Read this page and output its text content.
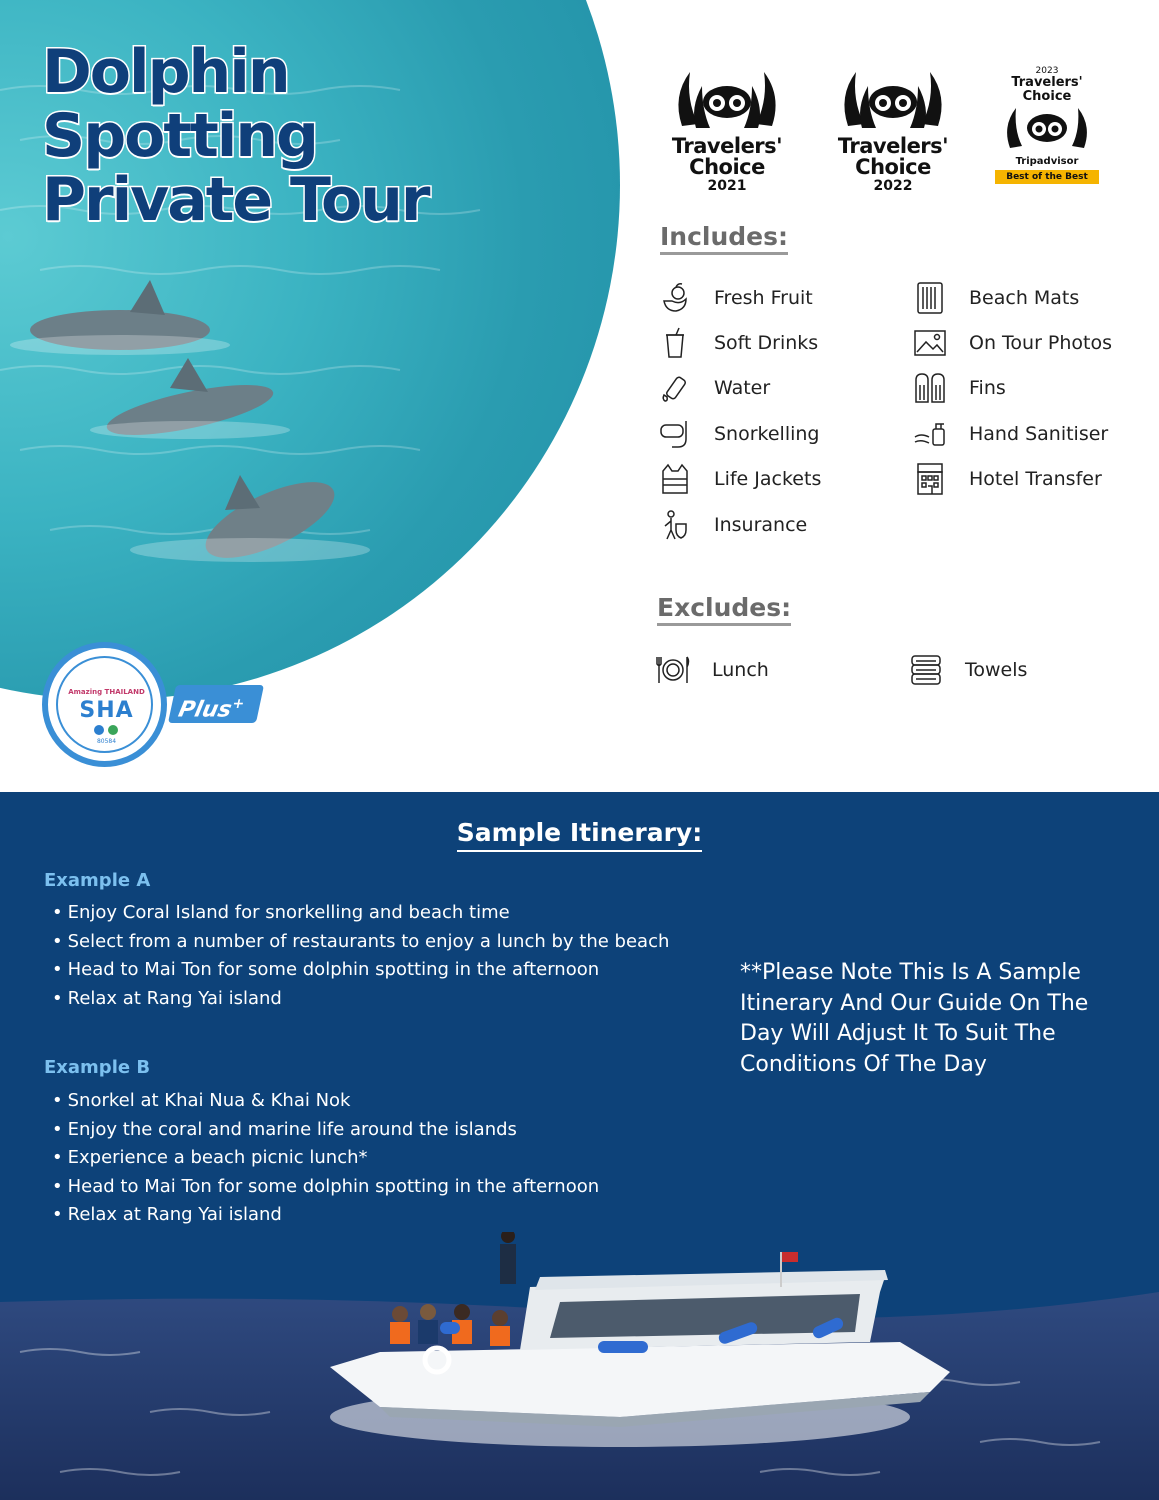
Dolphin
Spotting
Private Tour
Amazing THAILAND
SHA
80584
Plus+
Travelers' Choice
2021
Travelers' Choice
2022
2023
Travelers' Choice
Tripadvisor
Best of the Best
Includes:
Fresh Fruit
Soft Drinks
Water
Snorkelling
Life Jackets
Insurance
Beach Mats
On Tour Photos
Fins
Hand Sanitiser
Hotel Transfer
Excludes:
Lunch	Towels
Sample Itinerary:
Example A
• Enjoy Coral Island for snorkelling and beach time
• Select from a number of restaurants to enjoy a lunch by the beach
• Head to Mai Ton for some dolphin spotting in the afternoon
• Relax at Rang Yai island
Example B
• Snorkel at Khai Nua & Khai Nok
• Enjoy the coral and marine life around the islands
• Experience a beach picnic lunch*
• Head to Mai Ton for some dolphin spotting in the afternoon
• Relax at Rang Yai island
**Please Note This Is A Sample Itinerary And Our Guide On The Day Will Adjust It To Suit The Conditions Of The Day
